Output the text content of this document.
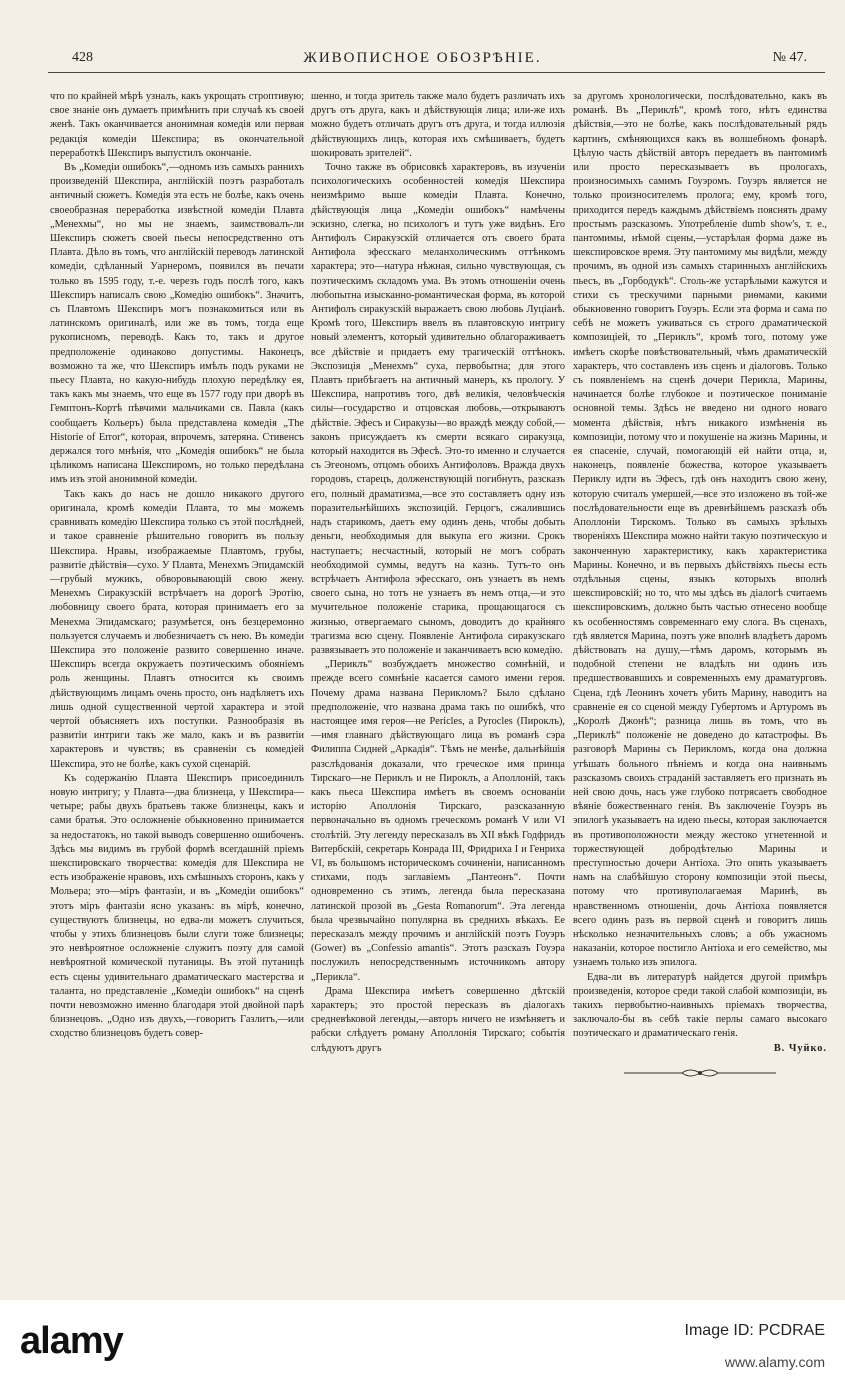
428	ЖИВОПИСНОЕ ОБОЗРѢНІЕ.	№ 47.

что по крайней мѣрѣ узналъ, какъ укрощать строптивую; свое знаніе онъ думаетъ примѣнить при случаѣ къ своей женѣ. Такъ оканчивается анонимная комедія или первая редакція комедіи Шекспира; въ окончательной переработкѣ Шекспиръ выпустилъ окончаніе.

Въ „Комедіи ошибокъ“,—одномъ изъ самыхъ раннихъ произведеній Шекспира, англійскій поэтъ разработалъ античный сюжетъ. Комедія эта есть не болѣе, какъ очень своеобразная переработка извѣстной комедіи Плавта „Менехмы“, но мы не знаемъ, заимствовалъ-ли Шекспиръ сюжетъ своей пьесы непосредственно отъ Плавта. Дѣло въ томъ, что англійскій переводъ латинской комедіи, сдѣланный Уарнеромъ, появился въ печати только въ 1595 году, т.-е. черезъ годъ послѣ того, какъ Шекспиръ написалъ свою „Комедію ошибокъ“. Значитъ, съ Плавтомъ Шекспиръ могъ познакомиться или въ латинскомъ оригиналѣ, или же въ томъ, тогда еще рукописномъ, переводѣ. Какъ то, такъ и другое предположеніе одинаково допустимы. Наконецъ, возможно та же, что Шекспиръ имѣлъ подъ руками не пьесу Плавта, но какую-нибудь плохую передѣлку ея, такъ какъ мы знаемъ, что еще въ 1577 году при дворѣ въ Гемптонъ-Кортѣ пѣвчими мальчиками св. Павла (какъ сообщаетъ Кольеръ) была представлена комедія „The Historie of Error“, которая, впрочемъ, затеряна. Стивенсъ держался того мнѣнія, что „Комедія ошибокъ“ не была цѣликомъ написана Шекспиромъ, но только передѣлана имъ изъ этой анонимной комедіи.

Такъ какъ до насъ не дошло никакого другого оригинала, кромѣ комедіи Плавта, то мы можемъ сравнивать комедію Шекспира только съ этой послѣдней, и такое сравненіе рѣшительно говоритъ въ пользу Шекспира. Нравы, изображаемые Плавтомъ, грубы, развитіе дѣйствія—сухо. У Плавта, Менехмъ Эпидамскій—грубый мужикъ, обворовывающій свою жену. Менехмъ Сиракузскій встрѣчаетъ на дорогѣ Эротію, любовницу своего брата, которая принимаетъ его за Менехма Эпидамскаго; разумѣется, онъ безцеремонно пользуется случаемъ и любезничаетъ съ нею. Въ комедіи Шекспира это положеніе развито совершенно иначе. Шекспиръ всегда окружаетъ поэтическимъ обояніемъ роль женщины. Плавтъ относится къ своимъ дѣйствующимъ лицамъ очень просто, онъ надѣляетъ ихъ лишь одной существенной чертой характера и этой чертой объясняетъ ихъ поступки. Разнообразія въ развитіи интриги такъ же мало, какъ и въ развитіи характеровъ и чувствъ; въ сравненіи съ комедіей Шекспира, это не болѣе, какъ сухой сценарій.

Къ содержанію Плавта Шекспиръ присоединилъ новую интригу; у Плавта—два близнеца, у Шекспира—четыре; рабы двухъ братьевъ также близнецы, какъ и сами братья. Это осложненіе обыкновенно принимается за недостатокъ, но такой выводъ совершенно ошибоченъ. Здѣсь мы видимъ въ грубой формѣ всегдашній пріемъ шекспировскаго творчества: комедія для Шекспира не есть изображеніе нравовъ, ихъ смѣшныхъ сторонъ, какъ у Мольера; это—міръ фантазіи, и въ „Комедіи ошибокъ“ этотъ міръ фантазіи ясно указанъ: въ мірѣ, конечно, существуютъ близнецы, но едва-ли можетъ случиться, чтобы у этихъ близнецовъ были слуги тоже близнецы; это невѣроятное осложненіе служитъ поэту для самой невѣроятной комической путаницы. Въ этой путаницѣ есть сцены удивительнаго драматическаго мастерства и таланта, но представленіе „Комедіи ошибокъ“ на сценѣ почти невозможно именно благодаря этой двойной парѣ близнецовъ. „Одно изъ двухъ,—говоритъ Газлитъ,—или сходство близнецовъ будетъ совер-

шенно, и тогда зритель также мало будетъ различать ихъ другъ отъ друга, какъ и дѣйствующія лица; или-же ихъ можно будетъ отличать другъ отъ друга, и тогда иллюзія дѣйствующихъ лицъ, которая ихъ смѣшиваетъ, будетъ шокировать зрителей“.

Точно также въ обрисовкѣ характеровъ, въ изученіи психологическихъ особенностей комедія Шекспира неизмѣримо выше комедіи Плавта. Конечно, дѣйствующія лица „Комедіи ошибокъ“ намѣчены эскизно, слегка, но психологъ и тутъ уже видѣнъ. Его Антифолъ Сиракузскій отличается отъ своего брата Антифола эфесскаго меланхолическимъ оттѣнкомъ характера; это—натура нѣжная, сильно чувствующая, съ поэтическимъ складомъ ума. Въ этомъ отношеніи очень любопытна изысканно-романтическая форма, въ которой Антифолъ сиракузскій выражаетъ свою любовь Луціанѣ. Кромѣ того, Шекспиръ ввелъ въ плавтовскую интригу новый элементъ, который удивительно облагораживаетъ все дѣйствіе и придаетъ ему трагическій оттѣнокъ. Экспозиція „Менехмъ“ суха, первобытна; для этого Плавтъ прибѣгаетъ на античный манеръ, къ прологу. У Шекспира, напротивъ того, двѣ великія, человѣческія силы—государство и отцовская любовь,—открываютъ дѣйствіе. Эфесъ и Сиракузы—во враждѣ между собой,—законъ присуждаетъ къ смерти всякаго сиракузца, который находится въ Эфесѣ. Это-то именно и случается съ Эгеономъ, отцомъ обоихъ Антифоловъ. Вражда двухъ городовъ, старецъ, долженствующій погибнуть, разсказъ его, полный драматизма,—все это составляетъ одну изъ поразительнѣйшихъ экспозицій. Герцогъ, сжалившись надъ старикомъ, даетъ ему одинъ день, чтобы добыть деньги, необходимыя для выкупа его жизни. Срокъ наступаетъ; несчастный, который не могъ собрать необходимой суммы, ведутъ на казнь. Тутъ-то онъ встрѣчаетъ Антифола эфесскаго, онъ узнаетъ въ немъ своего сына, но тотъ не узнаетъ въ немъ отца,—и это мучительное положеніе старика, прощающагося съ жизнью, отвергаемаго сыномъ, доводитъ до крайняго трагизма всю сцену. Появленіе Антифола сиракузскаго развязываетъ это положеніе и заканчиваетъ всю комедію.

„Периклъ“ возбуждаетъ множество сомнѣній, и прежде всего сомнѣніе касается самого имени героя. Почему драма названа Перикломъ? Было сдѣлано предположеніе, что названа драма такъ по ошибкѣ, что настоящее имя героя—не Pericles, а Pyrocles (Пироклъ),—имя главнаго дѣйствующаго лица въ романѣ сэра Филиппа Сидней „Аркадія“. Тѣмъ не менѣе, дальнѣйшія разслѣдованія доказали, что греческое имя принца Тирскаго—не Периклъ и не Пироклъ, а Аполлоній, такъ какъ пьеса Шекспира имѣетъ въ своемъ основаніи исторію Аполлонія Тирскаго, разсказанную первоначально въ одномъ греческомъ романѣ V или VI столѣтій. Эту легенду пересказалъ въ XII вѣкѣ Годфридъ Витербскій, секретарь Конрада III, Фридриха I и Генриха VI, въ большомъ историческомъ сочиненіи, написанномъ стихами, подъ заглавіемъ „Пантеонъ“. Почти одновременно съ этимъ, легенда была пересказана латинской прозой въ „Gesta Romanorum“. Эта легенда была чрезвычайно популярна въ среднихъ вѣкахъ. Ее пересказалъ между прочимъ и англійскій поэтъ Гоуэръ (Gower) въ „Confessio amantis“. Этотъ разсказъ Гоуэра послужилъ непосредственнымъ источникомъ автору „Перикла“.

Драма Шекспира имѣетъ совершенно дѣтскій характеръ; это простой пересказъ въ діалогахъ средневѣковой легенды,—авторъ ничего не измѣняетъ и рабски слѣдуетъ роману Аполлонія Тирскаго; событія слѣдуютъ другъ

за другомъ хронологически, послѣдовательно, какъ въ романѣ. Въ „Периклѣ“, кромѣ того, нѣтъ единства дѣйствія,—это не болѣе, какъ послѣдовательный рядъ картинъ, смѣняющихся какъ въ волшебномъ фонарѣ. Цѣлую часть дѣйствій авторъ передаетъ въ пантомимѣ или просто пересказываетъ въ прологахъ, произносимыхъ самимъ Гоуэромъ. Гоуэръ является не только произносителемъ пролога; ему, кромѣ того, приходится передъ каждымъ дѣйствіемъ пояснять драму простымъ разсказомъ. Употребленіе dumb show's, т. е., пантомимы, нѣмой сцены,—устарѣлая форма даже въ шекспировское время. Эту пантомиму мы видѣли, между прочимъ, въ одной изъ самыхъ старинныхъ англійскихъ пьесъ, въ „Горбодукѣ“. Столь-же устарѣлыми кажутся и стихи съ трескучими парными риѳмами, какими обыкновенно говоритъ Гоуэръ. Если эта форма и сама по себѣ не можетъ уживаться съ строго драматической композиціей, то „Периклъ“, кромѣ того, потому уже имѣетъ скорѣе повѣствовательный, чѣмъ драматическій характеръ, что составленъ изъ сценъ и діалоговъ. Только съ появленіемъ на сценѣ дочери Перикла, Марины, начинается болѣе глубокое и поэтическое пониманіе основной темы. Здѣсь не введено ни одного новаго момента дѣйствія, нѣтъ никакого измѣненія въ композиціи, потому что и покушеніе на жизнь Марины, и ея спасеніе, случай, помогающій ей найти отца, и, наконецъ, появленіе божества, которое указываетъ Периклу идти въ Эфесъ, гдѣ онъ находитъ свою жену, которую считалъ умершей,—все это изложено въ той-же послѣдовательности еще въ древнѣйшемъ разсказѣ объ Аполлоніи Тирскомъ. Только въ самыхъ зрѣлыхъ твореніяхъ Шекспира можно найти такую поэтическую и законченную характеристику, какъ характеристика Марины. Конечно, и въ первыхъ дѣйствіяхъ пьесы есть отдѣльныя сцены, языкъ которыхъ вполнѣ шекспировскій; но то, что мы здѣсь въ діалогѣ считаемъ шекспировскимъ, должно быть частью отнесено вообще къ особенностямъ современнаго ему слога. Въ сценахъ, гдѣ является Марина, поэтъ уже вполнѣ владѣетъ даромъ дѣйствовать на душу,—тѣмъ даромъ, которымъ въ подобной степени не владѣлъ ни одинъ изъ предшествовавшихъ и современныхъ ему драматурговъ. Сцена, гдѣ Леонинъ хочетъ убить Марину, наводитъ на сравненіе ея со сценой между Губертомъ и Артуромъ въ „Королѣ Джонѣ“; разница лишь въ томъ, что въ „Периклѣ“ положеніе не доведено до катастрофы. Въ разговорѣ Марины съ Перикломъ, когда она должна утѣшать больного пѣніемъ и когда она наивнымъ разсказомъ своихъ страданій заставляетъ его признать въ ней свою дочь, насъ уже глубоко потрясаетъ свободное вѣяніе божественнаго генія. Въ заключеніе Гоуэръ въ эпилогѣ указываетъ на идею пьесы, которая заключается въ противоположности между жестоко угнетенной и торжествующей добродѣтелью Марины и преступностью дочери Антіоха. Это опять указываетъ намъ на слабѣйшую сторону композиціи этой пьесы, потому что противуполагаемая Маринѣ, въ нравственномъ отношеніи, дочь Антіоха появляется всего одинъ разъ въ первой сценѣ и говоритъ лишь нѣсколько незначительныхъ словъ; а объ ужасномъ наказаніи, которое постигло Антіоха и его семейство, мы узнаемъ только изъ эпилога.

Едва-ли въ литературѣ найдется другой примѣръ произведенія, которое среди такой слабой композиціи, въ такихъ первобытно-наивныхъ пріемахъ творчества, заключало-бы въ себѣ такіе перлы самаго высокаго поэтическаго и драматическаго генія.

В. Чуйко.
alamy	Image ID: PCDRAE
www.alamy.com
